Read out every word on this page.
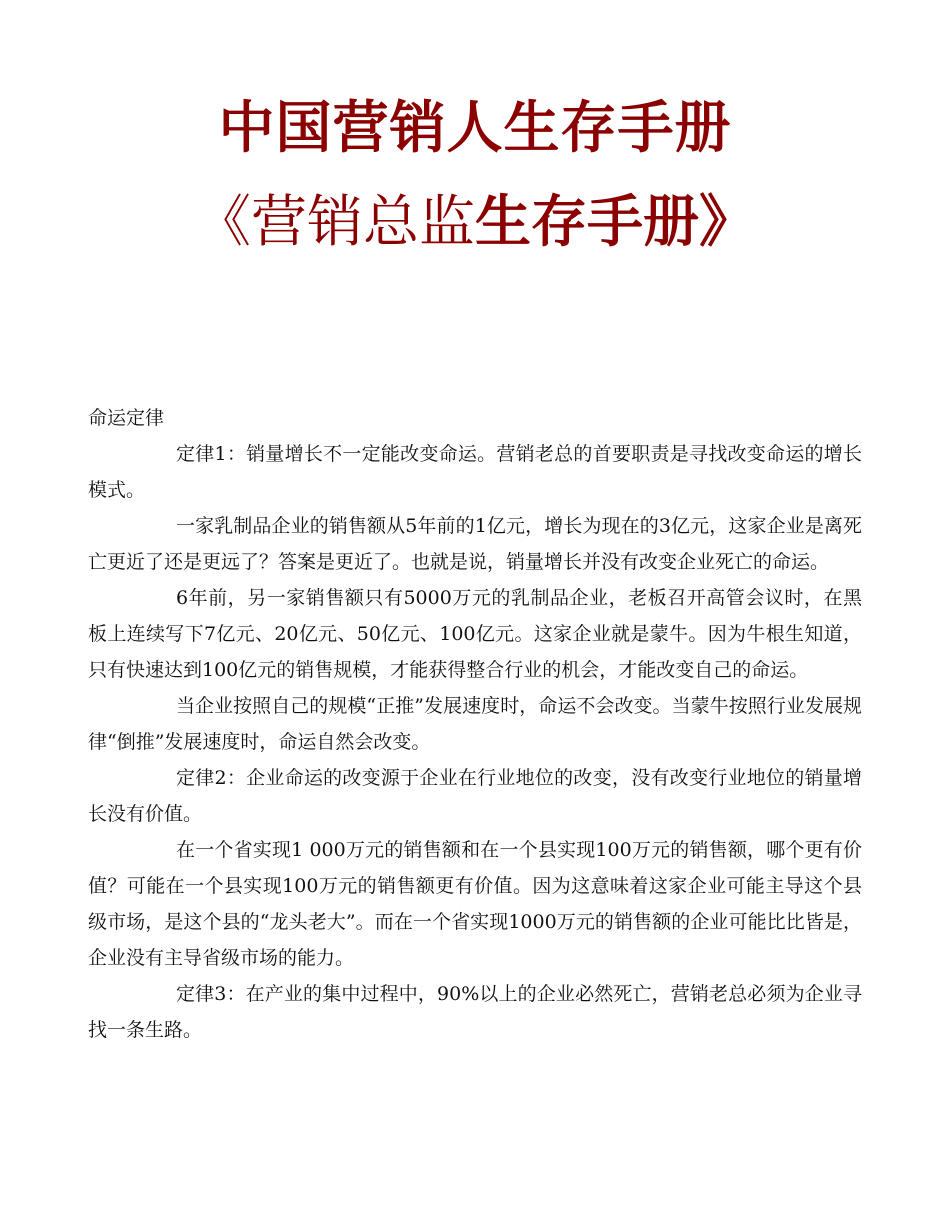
中国营销人生存手册
《营销总监生存手册》

命运定律

定律1：销量增长不一定能改变命运。营销老总的首要职责是寻找改变命运的增长模式。

一家乳制品企业的销售额从5年前的1亿元，增长为现在的3亿元，这家企业是离死亡更近了还是更远了？答案是更近了。也就是说，销量增长并没有改变企业死亡的命运。

6年前，另一家销售额只有5000万元的乳制品企业，老板召开高管会议时，在黑板上连续写下7亿元、20亿元、50亿元、100亿元。这家企业就是蒙牛。因为牛根生知道，只有快速达到100亿元的销售规模，才能获得整合行业的机会，才能改变自己的命运。

当企业按照自己的规模“正推”发展速度时，命运不会改变。当蒙牛按照行业发展规律“倒推”发展速度时，命运自然会改变。

定律2：企业命运的改变源于企业在行业地位的改变，没有改变行业地位的销量增长没有价值。

在一个省实现1 000万元的销售额和在一个县实现100万元的销售额，哪个更有价值？可能在一个县实现100万元的销售额更有价值。因为这意味着这家企业可能主导这个县级市场，是这个县的“龙头老大”。而在一个省实现1000万元的销售额的企业可能比比皆是，企业没有主导省级市场的能力。

定律3：在产业的集中过程中，90%以上的企业必然死亡，营销老总必须为企业寻找一条生路。
